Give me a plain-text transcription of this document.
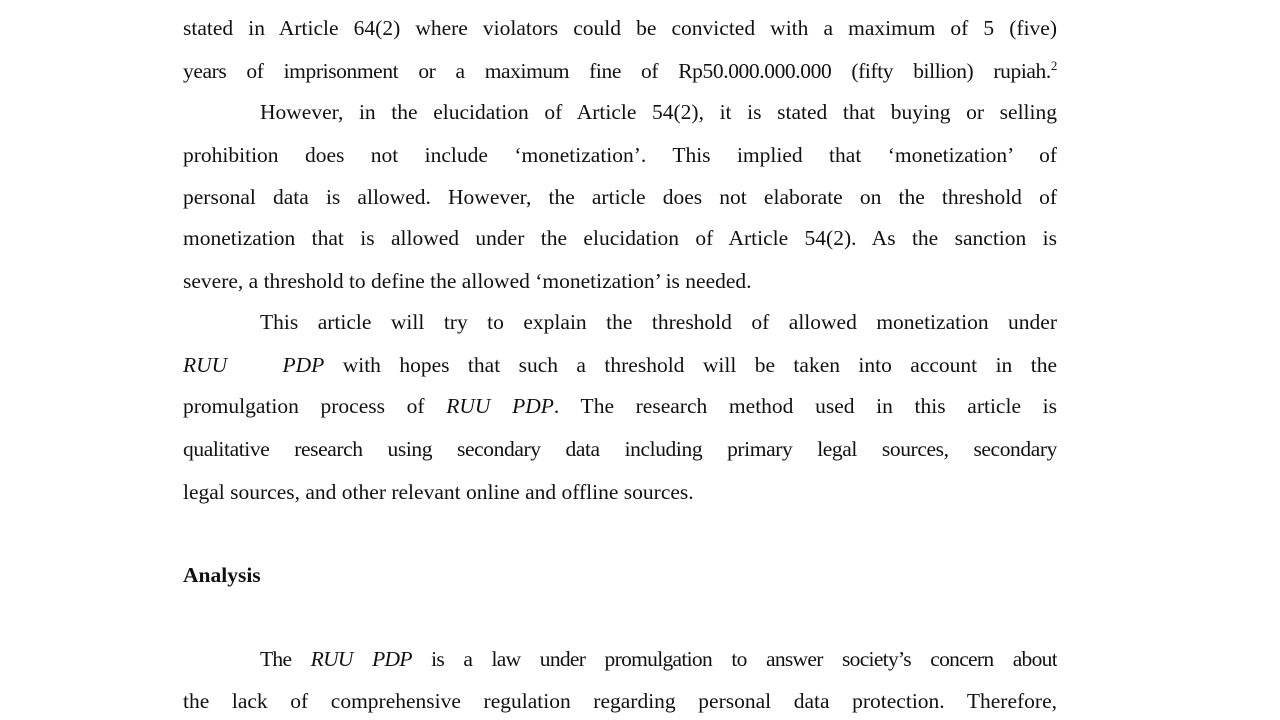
stated in Article 64(2) where violators could be convicted with a maximum of 5 (five)
years of imprisonment or a maximum fine of Rp50.000.000.000 (fifty billion) rupiah.$^2$
However, in the elucidation of Article 54(2), it is stated that buying or selling
prohibition does not include ‘monetization’. This implied that ‘monetization’ of
personal data is allowed. However, the article does not elaborate on the threshold of
monetization that is allowed under the elucidation of Article 54(2). As the sanction is
severe, a threshold to define the allowed ‘monetization’ is needed.
This article will try to explain the threshold of allowed monetization under
RUU   PDP with hopes that such a threshold will be taken into account in the
promulgation process of RUU PDP. The research method used in this article is
qualitative research using secondary data including primary legal sources, secondary
legal sources, and other relevant online and offline sources.
Analysis
The RUU PDP is a law under promulgation to answer society’s concern about
the lack of comprehensive regulation regarding personal data protection. Therefore,
